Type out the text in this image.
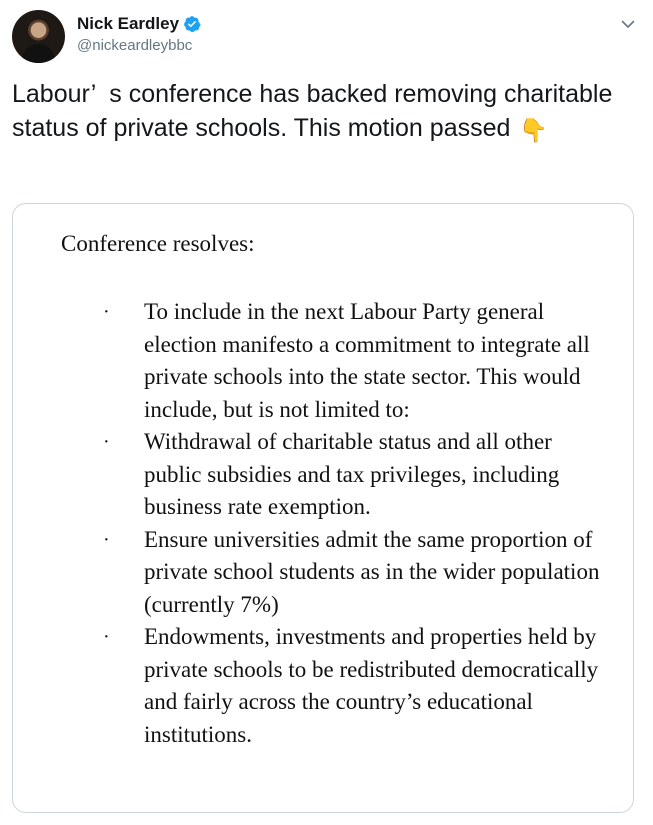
Nick Eardley
@nickeardleybbc
Labour’  s conference has backed removing charitable status of private schools. This motion passed 👇
Conference resolves:
· To include in the next Labour Party general election manifesto a commitment to integrate all private schools into the state sector. This would include, but is not limited to:
· Withdrawal of charitable status and all other public subsidies and tax privileges, including business rate exemption.
· Ensure universities admit the same proportion of private school students as in the wider population (currently 7%)
· Endowments, investments and properties held by private schools to be redistributed democratically and fairly across the country’s educational institutions.
